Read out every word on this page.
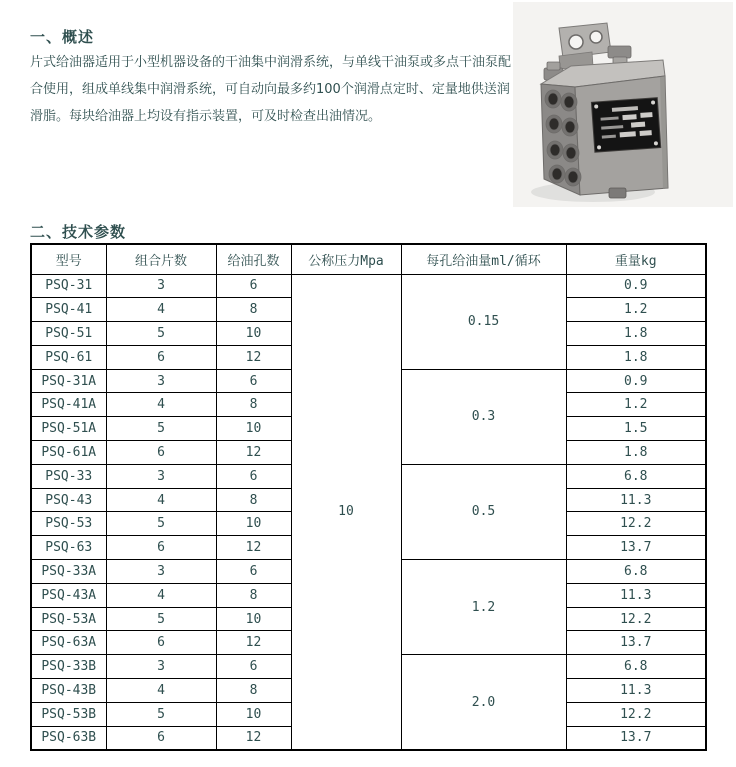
一、概述

片式给油器适用于小型机器设备的干油集中润滑系统，与单线干油泵或多点干油泵配合使用，组成单线集中润滑系统，可自动向最多约100个润滑点定时、定量地供送润滑脂。每块给油器上均设有指示装置，可及时检查出油情况。

二、技术参数
型号	组合片数	给油孔数	公称压力Mpa	每孔给油量ml/循环	重量kg
PSQ-31	3	6	10	0.15	0.9
PSQ-41	4	8			1.2
PSQ-51	5	10			1.8
PSQ-61	6	12			1.8
PSQ-31A	3	6		0.3	0.9
PSQ-41A	4	8			1.2
PSQ-51A	5	10			1.5
PSQ-61A	6	12			1.8
PSQ-33	3	6		0.5	6.8
PSQ-43	4	8			11.3
PSQ-53	5	10			12.2
PSQ-63	6	12			13.7
PSQ-33A	3	6		1.2	6.8
PSQ-43A	4	8			11.3
PSQ-53A	5	10			12.2
PSQ-63A	6	12			13.7
PSQ-33B	3	6		2.0	6.8
PSQ-43B	4	8			11.3
PSQ-53B	5	10			12.2
PSQ-63B	6	12			13.7
